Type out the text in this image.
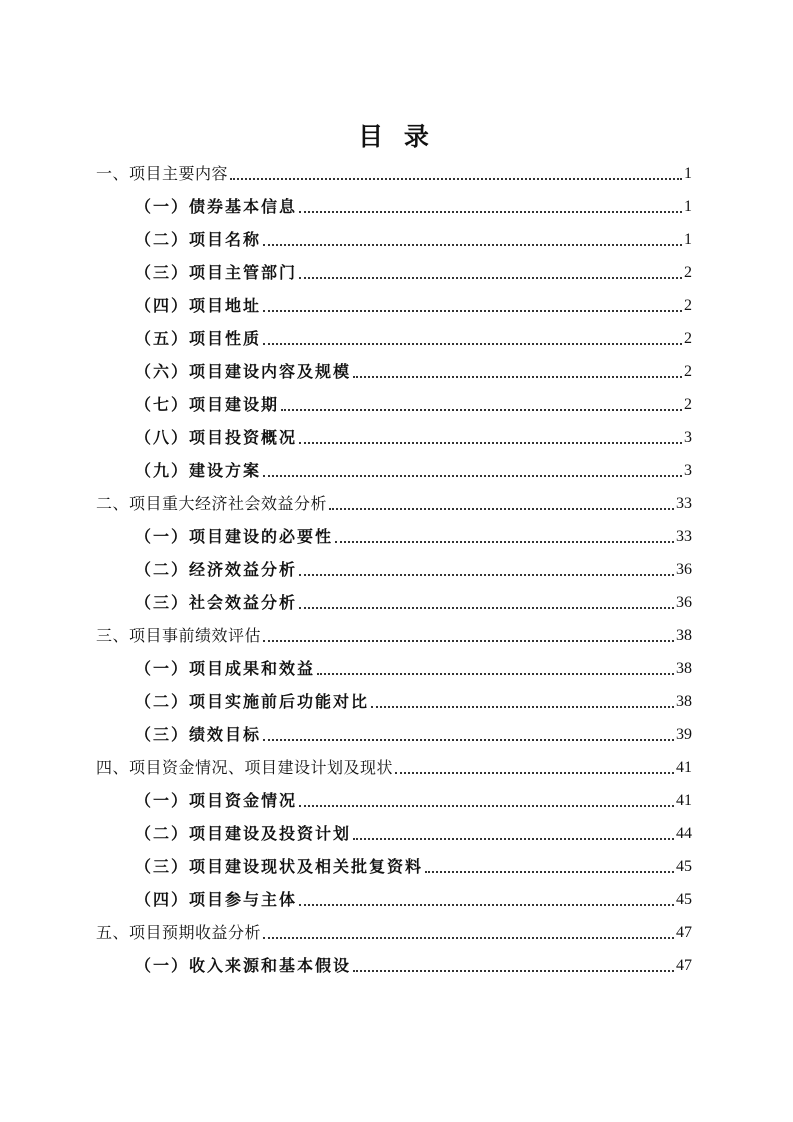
目 录
一、项目主要内容	1
（一）债券基本信息	1
（二）项目名称	1
（三）项目主管部门	2
（四）项目地址	2
（五）项目性质	2
（六）项目建设内容及规模	2
（七）项目建设期	2
（八）项目投资概况	3
（九）建设方案	3
二、项目重大经济社会效益分析	33
（一）项目建设的必要性	33
（二）经济效益分析	36
（三）社会效益分析	36
三、项目事前绩效评估	38
（一）项目成果和效益	38
（二）项目实施前后功能对比	38
（三）绩效目标	39
四、项目资金情况、项目建设计划及现状	41
（一）项目资金情况	41
（二）项目建设及投资计划	44
（三）项目建设现状及相关批复资料	45
（四）项目参与主体	45
五、项目预期收益分析	47
（一）收入来源和基本假设	47
